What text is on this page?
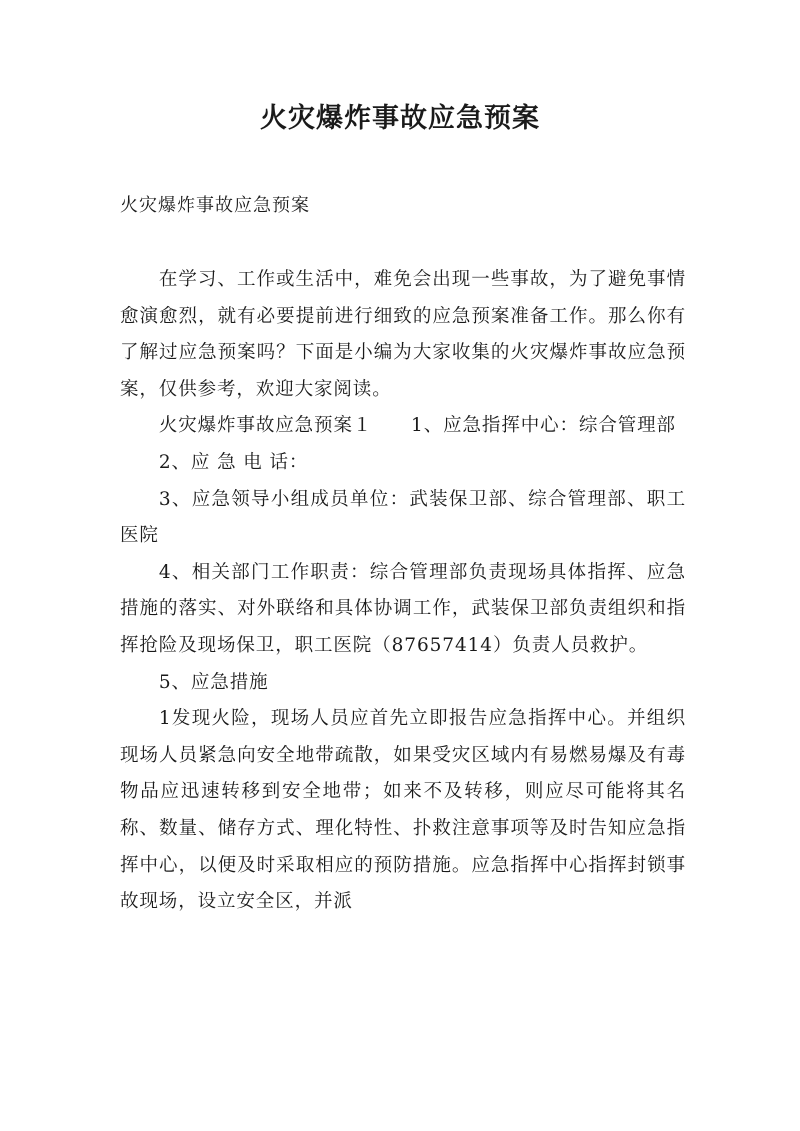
火灾爆炸事故应急预案
火灾爆炸事故应急预案

在学习、工作或生活中，难免会出现一些事故，为了避免事情愈演愈烈，就有必要提前进行细致的应急预案准备工作。那么你有了解过应急预案吗？下面是小编为大家收集的火灾爆炸事故应急预案，仅供参考，欢迎大家阅读。

火灾爆炸事故应急预案１　　1、应急指挥中心：综合管理部

2、应 急 电 话：

3、应急领导小组成员单位：武装保卫部、综合管理部、职工医院

4、相关部门工作职责：综合管理部负责现场具体指挥、应急措施的落实、对外联络和具体协调工作，武装保卫部负责组织和指挥抢险及现场保卫，职工医院（87657414）负责人员救护。

5、应急措施

1发现火险，现场人员应首先立即报告应急指挥中心。并组织现场人员紧急向安全地带疏散，如果受灾区域内有易燃易爆及有毒物品应迅速转移到安全地带；如来不及转移，则应尽可能将其名称、数量、储存方式、理化特性、扑救注意事项等及时告知应急指挥中心，以便及时采取相应的预防措施。应急指挥中心指挥封锁事故现场，设立安全区，并派
